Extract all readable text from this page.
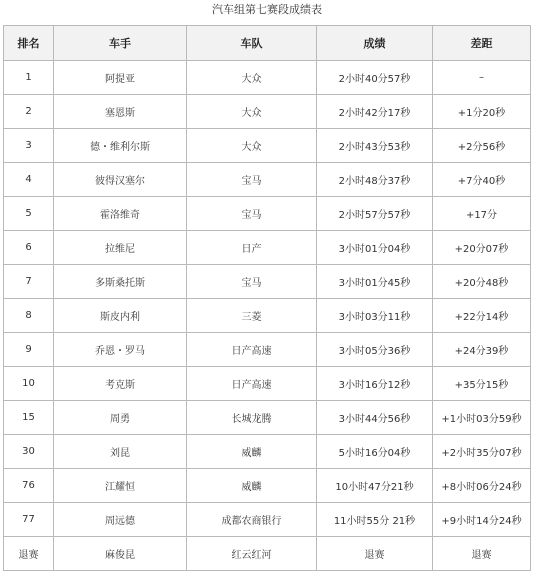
汽车组第七赛段成绩表
排名	车手	车队	成绩	差距
1	阿提亚	大众	2小时40分57秒	–
2	塞恩斯	大众	2小时42分17秒	+1分20秒
3	德・维利尔斯	大众	2小时43分53秒	+2分56秒
4	彼得汉塞尔	宝马	2小时48分37秒	+7分40秒
5	霍洛维奇	宝马	2小时57分57秒	+17分
6	拉维尼	日产	3小时01分04秒	+20分07秒
7	多斯桑托斯	宝马	3小时01分45秒	+20分48秒
8	斯皮内利	三菱	3小时03分11秒	+22分14秒
9	乔恩・罗马	日产高速	3小时05分36秒	+24分39秒
10	考克斯	日产高速	3小时16分12秒	+35分15秒
15	周勇	长城龙腾	3小时44分56秒	+1小时03分59秒
30	刘昆	威麟	5小时16分04秒	+2小时35分07秒
76	江耀恒	威麟	10小时47分21秒	+8小时06分24秒
77	周远德	成都农商银行	11小时55分 21秒	+9小时14分24秒
退赛	麻俊昆	红云红河	退赛	退赛
